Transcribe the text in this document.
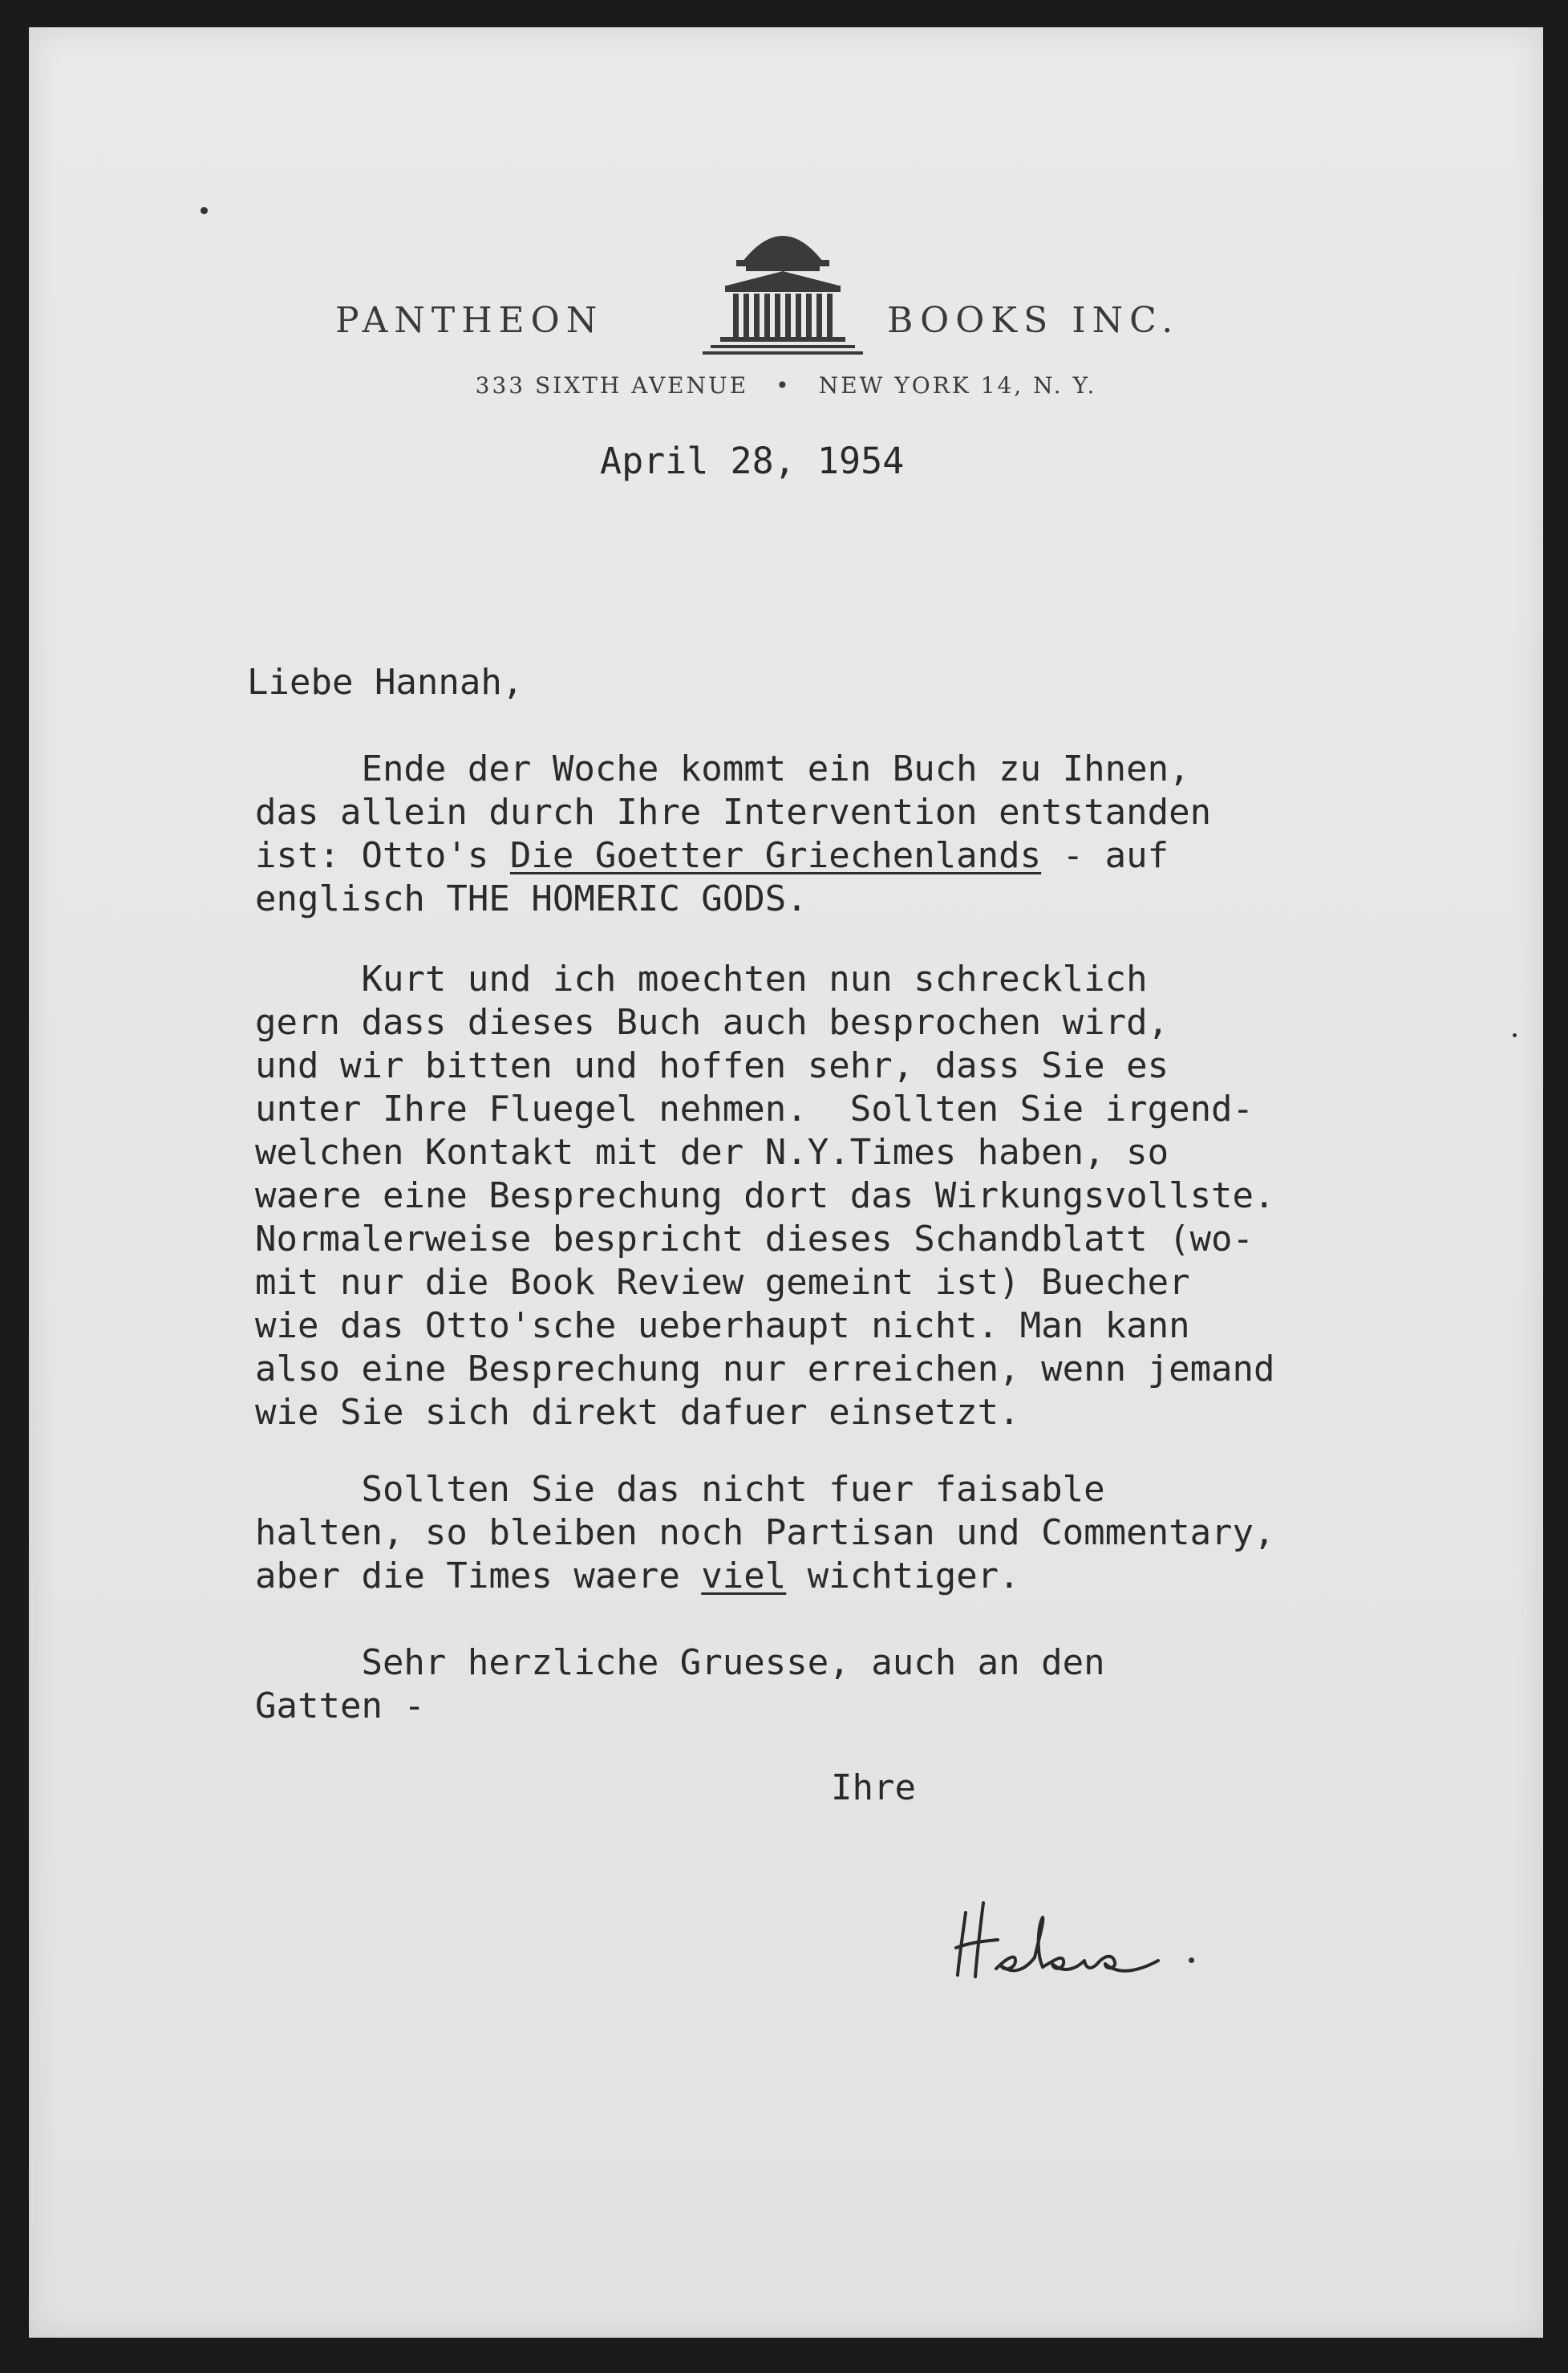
PANTHEON	BOOKS INC.
333 SIXTH AVENUE • NEW YORK 14, N. Y.
April 28, 1954
Liebe Hannah,
Ende der Woche kommt ein Buch zu Ihnen,
das allein durch Ihre Intervention entstanden
ist: Otto's Die Goetter Griechenlands - auf
englisch THE HOMERIC GODS.
Kurt und ich moechten nun schrecklich
gern dass dieses Buch auch besprochen wird,
und wir bitten und hoffen sehr, dass Sie es
unter Ihre Fluegel nehmen.  Sollten Sie irgend-
welchen Kontakt mit der N.Y.Times haben, so
waere eine Besprechung dort das Wirkungsvollste.
Normalerweise bespricht dieses Schandblatt (wo-
mit nur die Book Review gemeint ist) Buecher
wie das Otto'sche ueberhaupt nicht. Man kann
also eine Besprechung nur erreichen, wenn jemand
wie Sie sich direkt dafuer einsetzt.
Sollten Sie das nicht fuer faisable
halten, so bleiben noch Partisan und Commentary,
aber die Times waere viel wichtiger.
Sehr herzliche Gruesse, auch an den
Gatten -
Ihre
